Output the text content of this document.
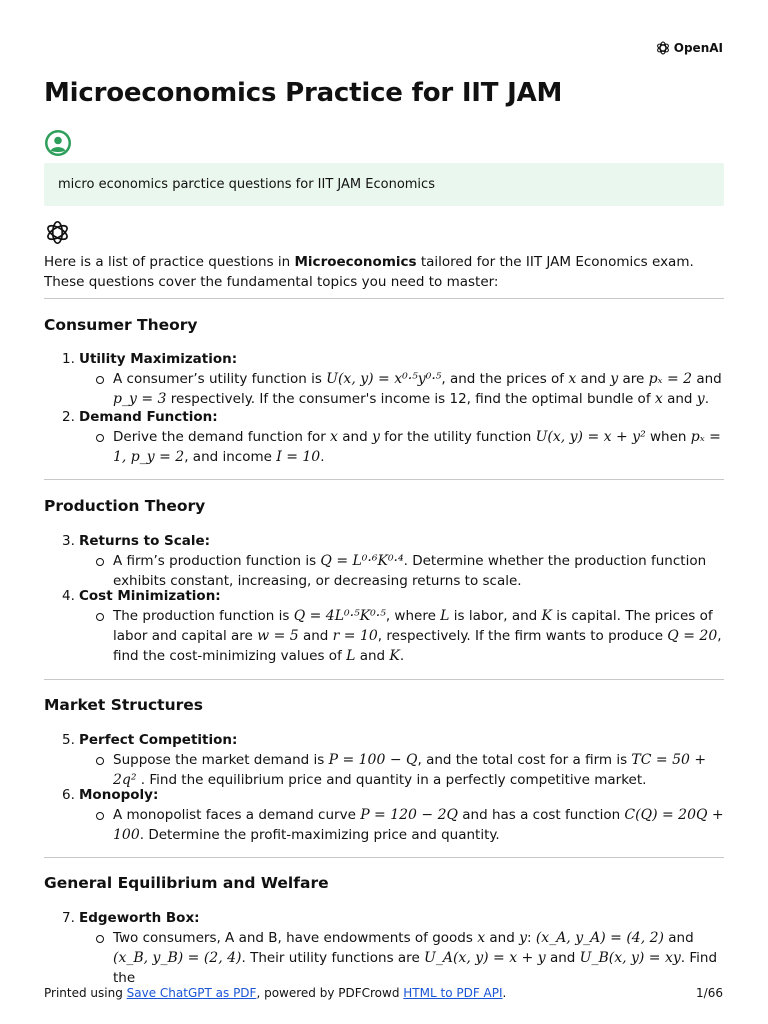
OpenAI
Microeconomics Practice for IIT JAM
micro economics parctice questions for IIT JAM Economics

Here is a list of practice questions in Microeconomics tailored for the IIT JAM Economics exam. These questions cover the fundamental topics you need to master:

Consumer Theory
1. Utility Maximization:
A consumer’s utility function is U(x, y) = x⁰·⁵y⁰·⁵, and the prices of x and y are pₓ = 2 and p_y = 3 respectively. If the consumer's income is 12, find the optimal bundle of x and y.
2. Demand Function:
Derive the demand function for x and y for the utility function U(x, y) = x + y² when pₓ = 1, p_y = 2, and income I = 10.
Production Theory
3. Returns to Scale:
A firm’s production function is Q = L⁰·⁶K⁰·⁴. Determine whether the production function exhibits constant, increasing, or decreasing returns to scale.
4. Cost Minimization:
The production function is Q = 4L⁰·⁵K⁰·⁵, where L is labor, and K is capital. The prices of labor and capital are w = 5 and r = 10, respectively. If the firm wants to produce Q = 20, find the cost-minimizing values of L and K.
Market Structures
5. Perfect Competition:
Suppose the market demand is P = 100 − Q, and the total cost for a firm is TC = 50 + 2q² . Find the equilibrium price and quantity in a perfectly competitive market.
6. Monopoly:
A monopolist faces a demand curve P = 120 − 2Q and has a cost function C(Q) = 20Q + 100. Determine the profit-maximizing price and quantity.
General Equilibrium and Welfare
7. Edgeworth Box:
Two consumers, A and B, have endowments of goods x and y: (x_A, y_A) = (4, 2) and (x_B, y_B) = (2, 4). Their utility functions are U_A(x, y) = x + y and U_B(x, y) = xy. Find the
Printed using Save ChatGPT as PDF, powered by PDFCrowd HTML to PDF API.	1/66
